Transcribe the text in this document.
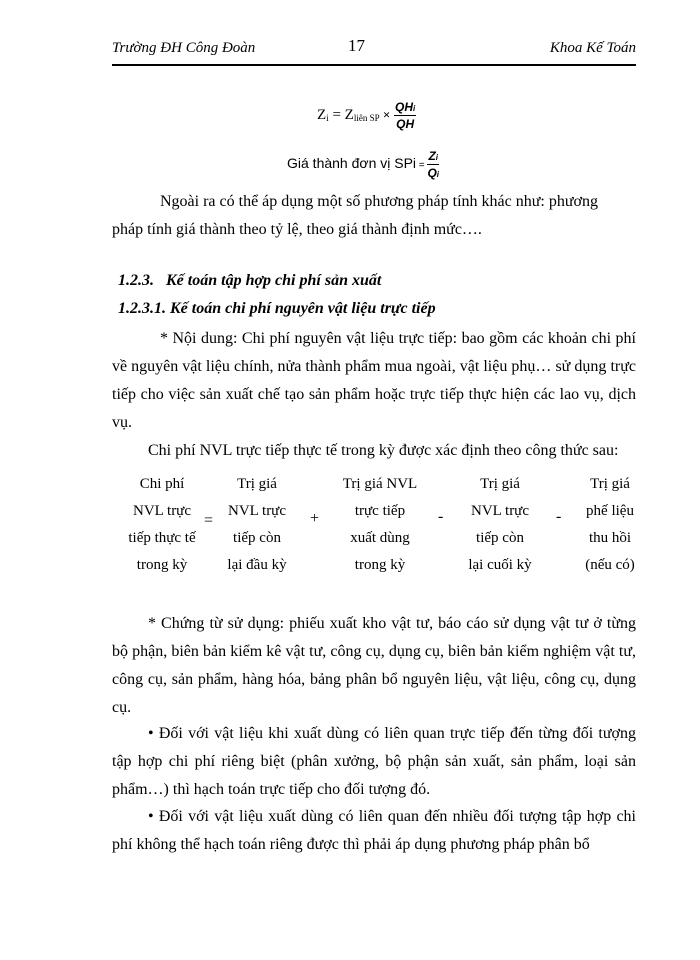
Trường ĐH Công Đoàn	17	Khoa Kế Toán
$Z_i = Z_{liên SP} \times \frac{\text{QHi}}{QH}$
Giá thành đơn vị SPi = $\frac{Zi}{Qi}$
Ngoài ra có thể áp dụng một số phương pháp tính khác như: phương
pháp tính giá thành theo tỷ lệ, theo giá thành định mức….
1.2.3. Kế toán tập hợp chi phí sản xuất
1.2.3.1. Kế toán chi phí nguyên vật liệu trực tiếp
* Nội dung: Chi phí nguyên vật liệu trực tiếp: bao gồm các khoản chi phí về nguyên vật liệu chính, nửa thành phẩm mua ngoài, vật liệu phụ… sử dụng trực tiếp cho việc sản xuất chế tạo sản phẩm hoặc trực tiếp thực hiện các lao vụ, dịch vụ.
Chi phí NVL trực tiếp thực tế trong kỳ được xác định theo công thức sau:
Chi phí
NVL trực
tiếp thực tế
trong kỳ
=
Trị giá
NVL trực
tiếp còn
lại đầu kỳ
+
Trị giá NVL
trực tiếp
xuất dùng
trong kỳ
-
Trị giá
NVL trực
tiếp còn
lại cuối kỳ
-
Trị giá
phế liệu
thu hồi
(nếu có)
* Chứng từ sử dụng: phiếu xuất kho vật tư, báo cáo sử dụng vật tư ở từng bộ phận, biên bản kiểm kê vật tư, công cụ, dụng cụ, biên bản kiểm nghiệm vật tư, công cụ, sản phẩm, hàng hóa, bảng phân bổ nguyên liệu, vật liệu, công cụ, dụng cụ.
• Đối với vật liệu khi xuất dùng có liên quan trực tiếp đến từng đối tượng tập hợp chi phí riêng biệt (phân xưởng, bộ phận sản xuất, sản phẩm, loại sản phẩm…) thì hạch toán trực tiếp cho đối tượng đó.
• Đối với vật liệu xuất dùng có liên quan đến nhiều đối tượng tập hợp chi phí không thể hạch toán riêng được thì phải áp dụng phương pháp phân bổ
